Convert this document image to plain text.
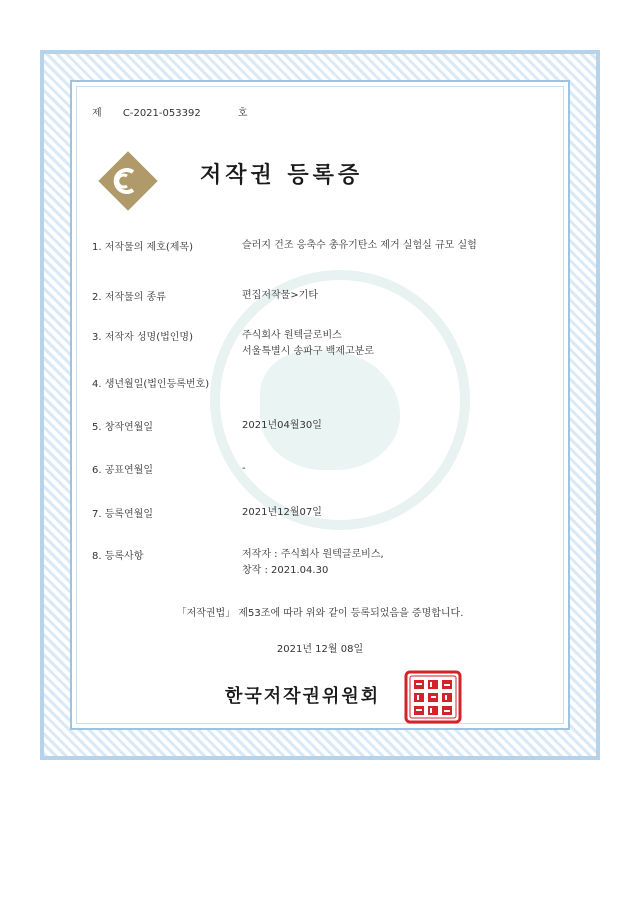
제 C-2021-053392	호
저작권 등록증
1. 저작물의 제호(제목)	슬러지 건조 응축수 총유기탄소 제거 실험실 규모 실험
2. 저작물의 종류	편집저작물>기타
3. 저작자 성명(법인명)	주식회사 원텍글로비스
서울특별시 송파구 백제고분로
4. 생년월일(법인등록번호)
5. 창작연월일	2021년04월30일
6. 공표연월일	-
7. 등록연월일	2021년12월07일
8. 등록사항	저작자 : 주식회사 원텍글로비스,
창작 : 2021.04.30
「저작권법」 제53조에 따라 위와 같이 등록되었음을 증명합니다.
2021년 12월 08일
한국저작권위원회
